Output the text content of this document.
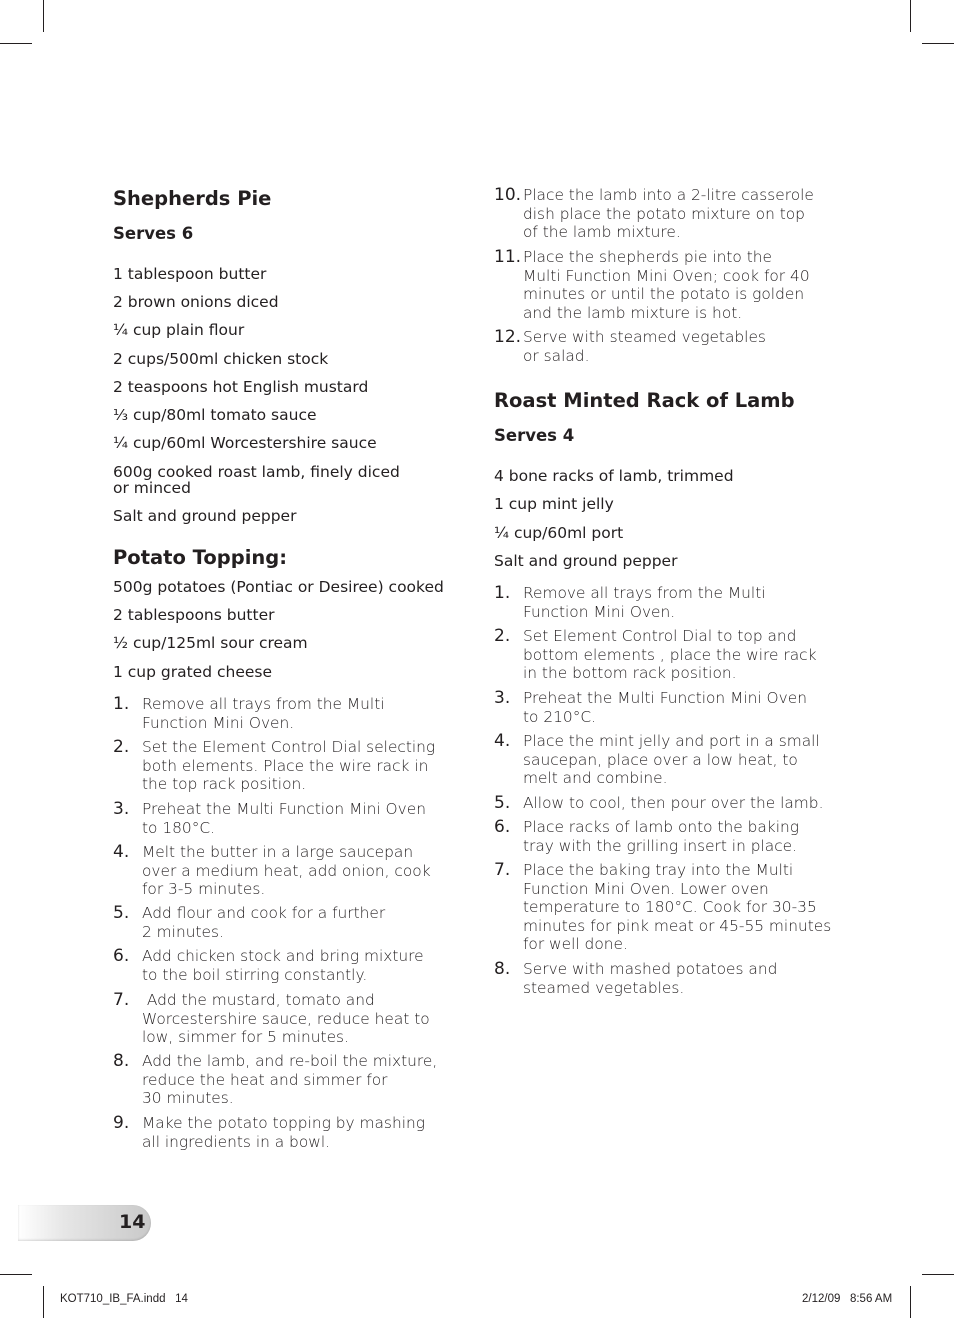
Shepherds Pie
Serves 6
1 tablespoon butter
2 brown onions diced
¼ cup plain flour
2 cups/500ml chicken stock
2 teaspoons hot English mustard
⅓ cup/80ml tomato sauce
¼ cup/60ml Worcestershire sauce
600g cooked roast lamb, finely diced
or minced
Salt and ground pepper
Potato Topping:
500g potatoes (Pontiac or Desiree) cooked
2 tablespoons butter
½ cup/125ml sour cream
1 cup grated cheese
1. Remove all trays from the Multi
Function Mini Oven.
2. Set the Element Control Dial selecting
both elements. Place the wire rack in
the top rack position.
3. Preheat the Multi Function Mini Oven
to 180°C.
4. Melt the butter in a large saucepan
over a medium heat, add onion, cook
for 3-5 minutes.
5. Add flour and cook for a further
2 minutes.
6. Add chicken stock and bring mixture
to the boil stirring constantly.
7. Add the mustard, tomato and
Worcestershire sauce, reduce heat to
low, simmer for 5 minutes.
8. Add the lamb, and re-boil the mixture,
reduce the heat and simmer for
30 minutes.
9. Make the potato topping by mashing
all ingredients in a bowl.
10. Place the lamb into a 2-litre casserole
dish place the potato mixture on top
of the lamb mixture.
11. Place the shepherds pie into the
Multi Function Mini Oven; cook for 40
minutes or until the potato is golden
and the lamb mixture is hot.
12. Serve with steamed vegetables
or salad.
Roast Minted Rack of Lamb
Serves 4
4 bone racks of lamb, trimmed
1 cup mint jelly
¼ cup/60ml port
Salt and ground pepper
1. Remove all trays from the Multi
Function Mini Oven.
2. Set Element Control Dial to top and
bottom elements , place the wire rack
in the bottom rack position.
3. Preheat the Multi Function Mini Oven
to 210°C.
4. Place the mint jelly and port in a small
saucepan, place over a low heat, to
melt and combine.
5. Allow to cool, then pour over the lamb.
6. Place racks of lamb onto the baking
tray with the grilling insert in place.
7. Place the baking tray into the Multi
Function Mini Oven. Lower oven
temperature to 180°C. Cook for 30-35
minutes for pink meat or 45-55 minutes
for well done.
8. Serve with mashed potatoes and
steamed vegetables.
14
KOT710_IB_FA.indd   14	2/12/09   8:56 AM
